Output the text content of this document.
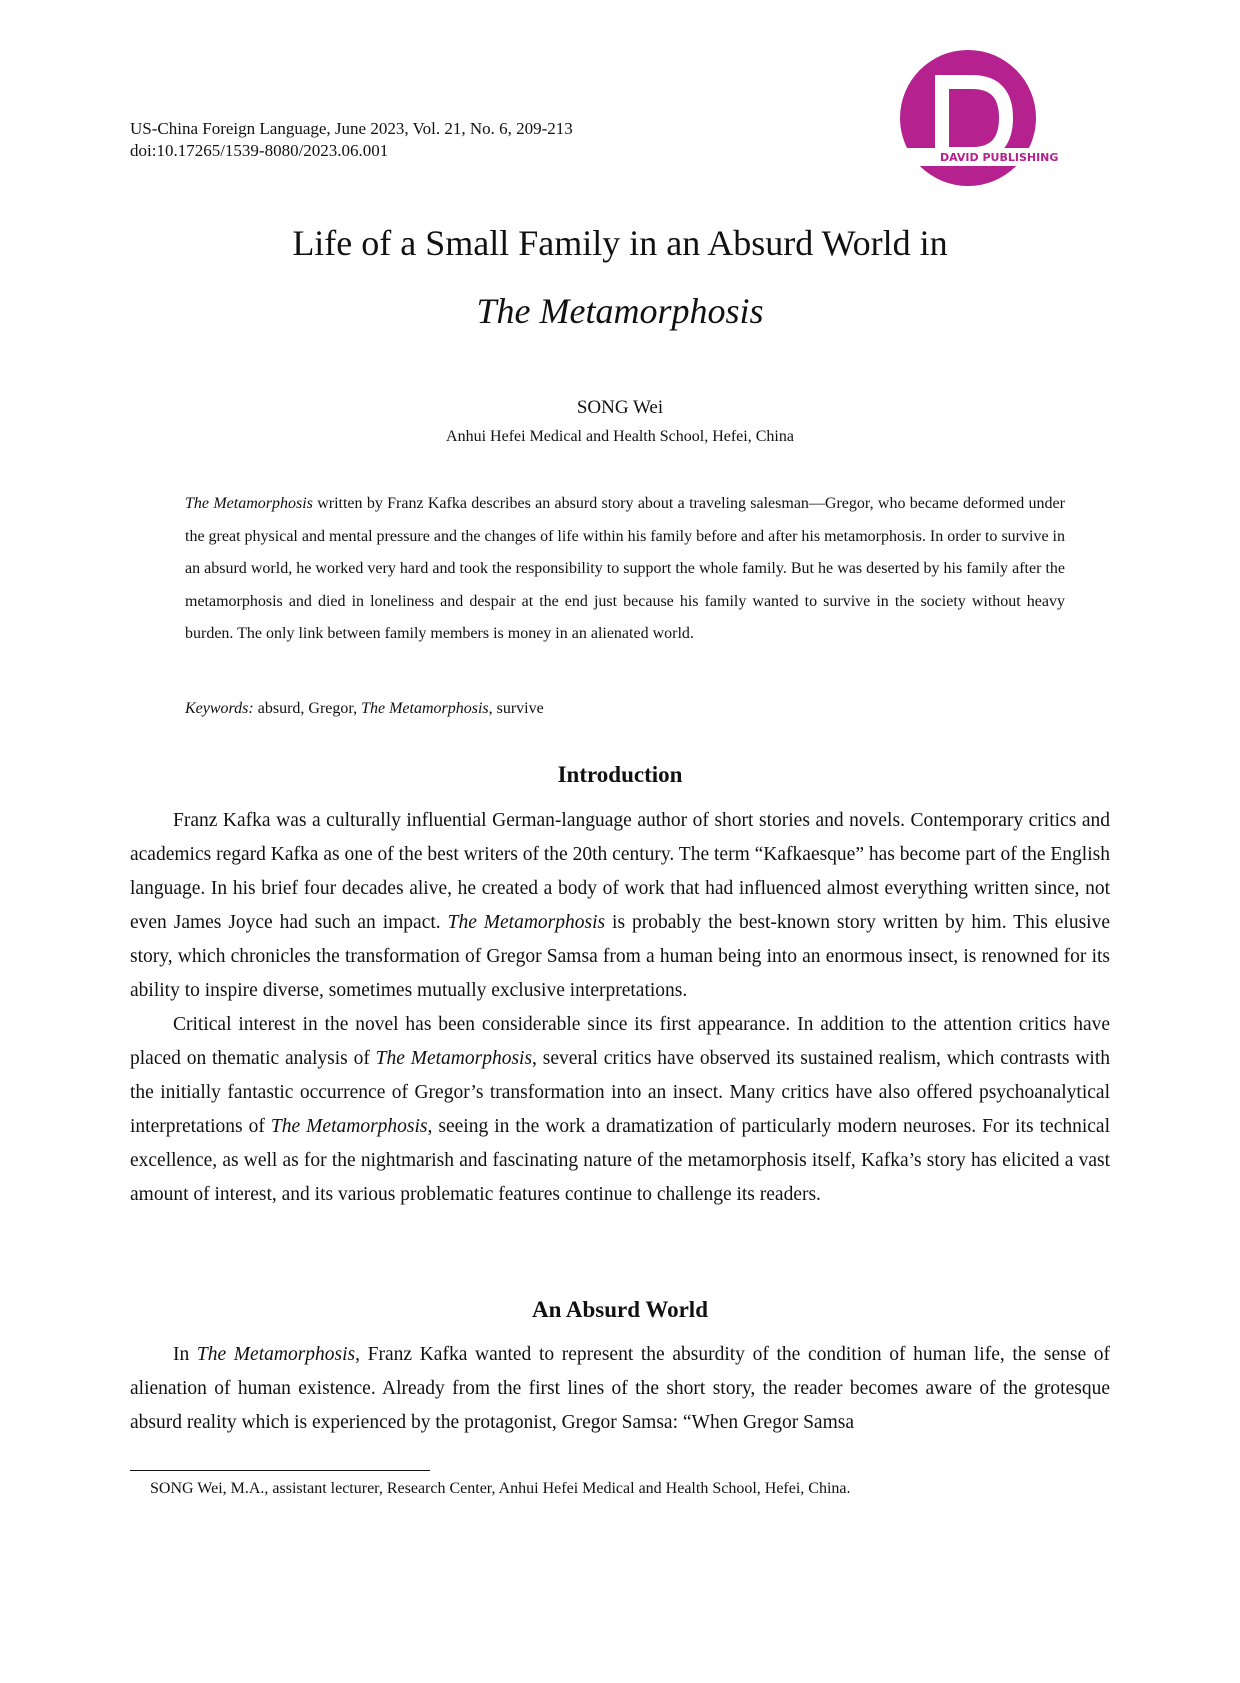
US-China Foreign Language, June 2023, Vol. 21, No. 6, 209-213
doi:10.17265/1539-8080/2023.06.001	DAVID PUBLISHING
Life of a Small Family in an Absurd World in
The Metamorphosis
SONG Wei
Anhui Hefei Medical and Health School, Hefei, China
The Metamorphosis written by Franz Kafka describes an absurd story about a traveling salesman—Gregor, who became deformed under the great physical and mental pressure and the changes of life within his family before and after his metamorphosis. In order to survive in an absurd world, he worked very hard and took the responsibility to support the whole family. But he was deserted by his family after the metamorphosis and died in loneliness and despair at the end just because his family wanted to survive in the society without heavy burden. The only link between family members is money in an alienated world.
Keywords: absurd, Gregor, The Metamorphosis, survive
Introduction

Franz Kafka was a culturally influential German-language author of short stories and novels. Contemporary critics and academics regard Kafka as one of the best writers of the 20th century. The term “Kafkaesque” has become part of the English language. In his brief four decades alive, he created a body of work that had influenced almost everything written since, not even James Joyce had such an impact. The Metamorphosis is probably the best-known story written by him. This elusive story, which chronicles the transformation of Gregor Samsa from a human being into an enormous insect, is renowned for its ability to inspire diverse, sometimes mutually exclusive interpretations.

Critical interest in the novel has been considerable since its first appearance. In addition to the attention critics have placed on thematic analysis of The Metamorphosis, several critics have observed its sustained realism, which contrasts with the initially fantastic occurrence of Gregor’s transformation into an insect. Many critics have also offered psychoanalytical interpretations of The Metamorphosis, seeing in the work a dramatization of particularly modern neuroses. For its technical excellence, as well as for the nightmarish and fascinating nature of the metamorphosis itself, Kafka’s story has elicited a vast amount of interest, and its various problematic features continue to challenge its readers.

An Absurd World

In The Metamorphosis, Franz Kafka wanted to represent the absurdity of the condition of human life, the sense of alienation of human existence. Already from the first lines of the short story, the reader becomes aware of the grotesque absurd reality which is experienced by the protagonist, Gregor Samsa: “When Gregor Samsa

SONG Wei, M.A., assistant lecturer, Research Center, Anhui Hefei Medical and Health School, Hefei, China.
